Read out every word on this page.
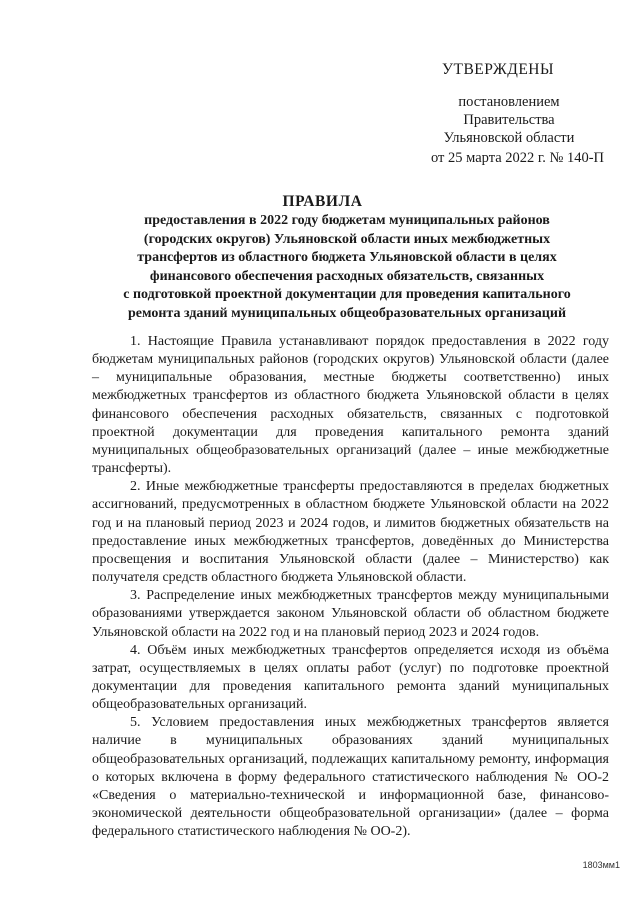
УТВЕРЖДЕНЫ
постановлением Правительства
Ульяновской области
от 25 марта 2022 г. № 140-П
ПРАВИЛА
предоставления в 2022 году бюджетам муниципальных районов
(городских округов) Ульяновской области иных межбюджетных
трансфертов из областного бюджета Ульяновской области в целях
финансового обеспечения расходных обязательств, связанных
с подготовкой проектной документации для проведения капитального
ремонта зданий муниципальных общеобразовательных организаций

1. Настоящие Правила устанавливают порядок предоставления в 2022 году бюджетам муниципальных районов (городских округов) Ульяновской области (далее – муниципальные образования, местные бюджеты соответственно) иных межбюджетных трансфертов из областного бюджета Ульяновской области в целях финансового обеспечения расходных обязательств, связанных с подготовкой проектной документации для проведения капитального ремонта зданий муниципальных общеобразовательных организаций (далее – иные межбюджетные трансферты).

2. Иные межбюджетные трансферты предоставляются в пределах бюджетных ассигнований, предусмотренных в областном бюджете Ульяновской области на 2022 год и на плановый период 2023 и 2024 годов, и лимитов бюджетных обязательств на предоставление иных межбюджетных трансфертов, доведённых до Министерства просвещения и воспитания Ульяновской области (далее – Министерство) как получателя средств областного бюджета Ульяновской области.

3. Распределение иных межбюджетных трансфертов между муниципальными образованиями утверждается законом Ульяновской области об областном бюджете Ульяновской области на 2022 год и на плановый период 2023 и 2024 годов.

4. Объём иных межбюджетных трансфертов определяется исходя из объёма затрат, осуществляемых в целях оплаты работ (услуг) по подготовке проектной документации для проведения капитального ремонта зданий муниципальных общеобразовательных организаций.

5. Условием предоставления иных межбюджетных трансфертов является наличие в муниципальных образованиях зданий муниципальных общеобразовательных организаций, подлежащих капитальному ремонту, информация о которых включена в форму федерального статистического наблюдения № ОО-2 «Сведения о материально-технической и информационной базе, финансово-экономической деятельности общеобразовательной организации» (далее – форма федерального статистического наблюдения № ОО-2).

1803мм1
